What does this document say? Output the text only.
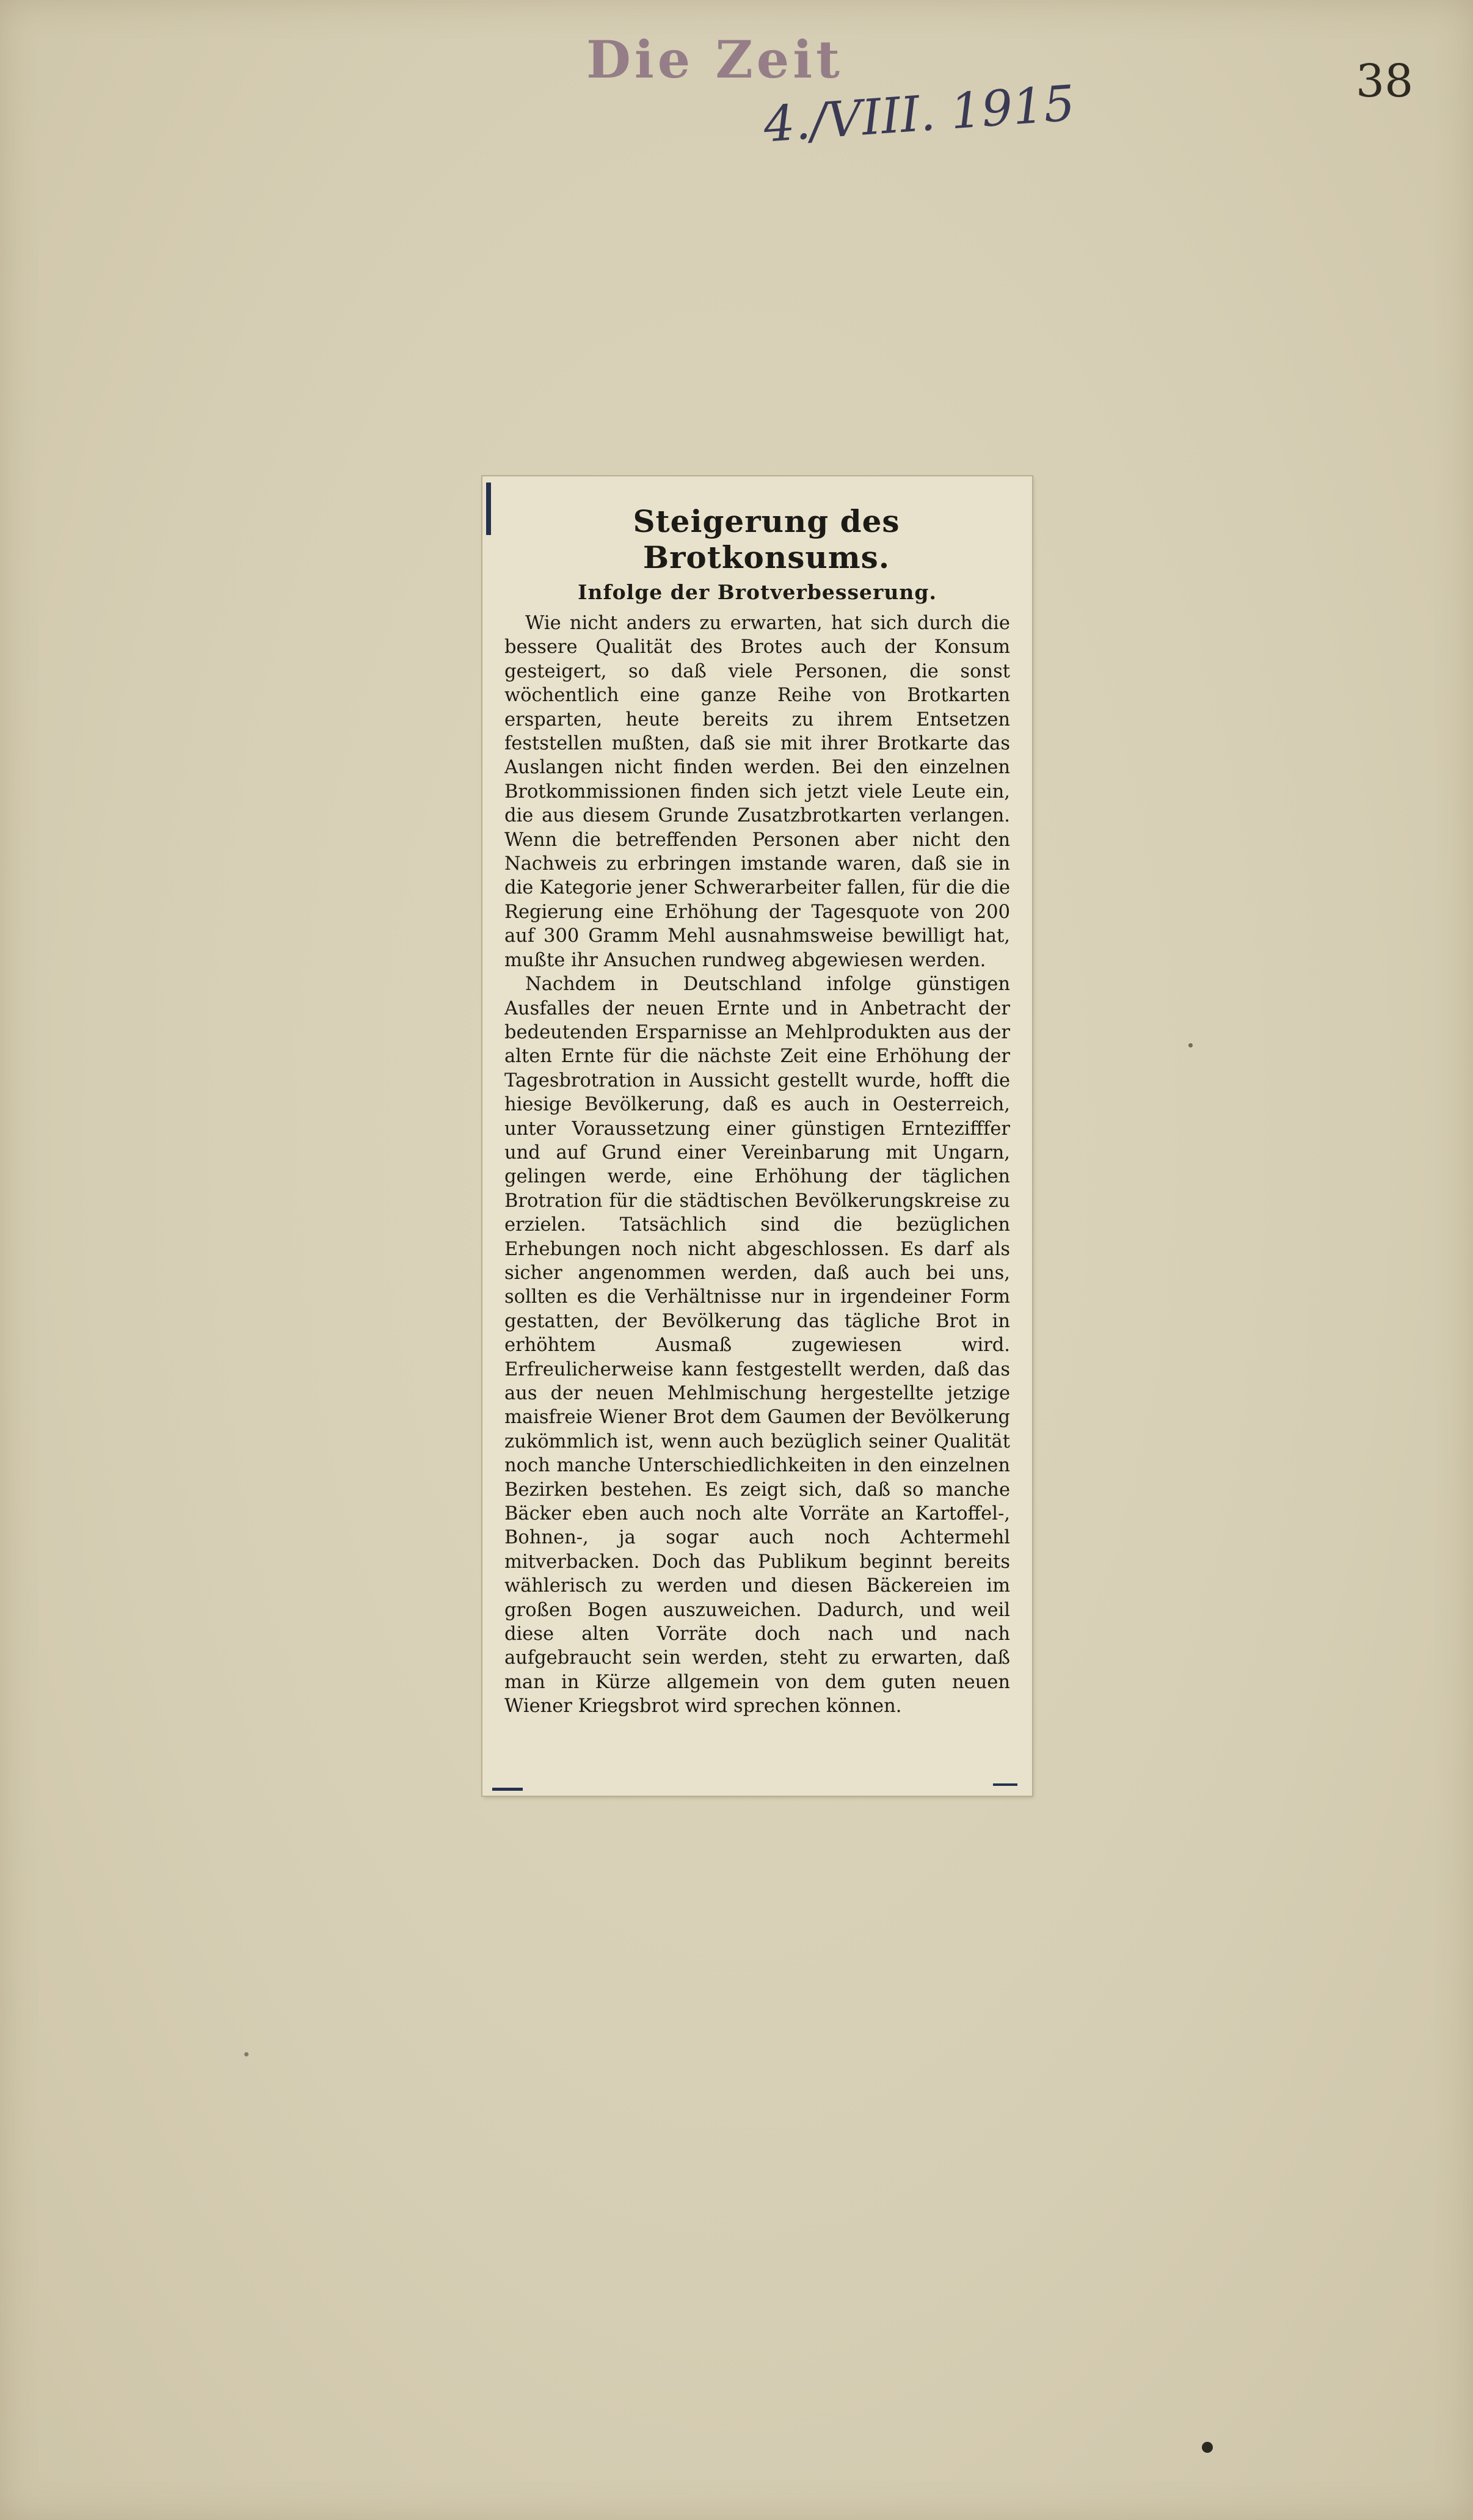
Die Zeit
4./VIII. 1915	38
Steigerung des Brotkonsums.
Infolge der Brotverbesserung.

Wie nicht anders zu erwarten, hat sich durch die bessere Qualität des Brotes auch der Konsum gesteigert, so daß viele Personen, die sonst wöchentlich eine ganze Reihe von Brotkarten ersparten, heute bereits zu ihrem Entsetzen feststellen mußten, daß sie mit ihrer Brotkarte das Auslangen nicht finden werden. Bei den einzelnen Brotkommissionen finden sich jetzt viele Leute ein, die aus diesem Grunde Zusatzbrotkarten verlangen. Wenn die betreffenden Personen aber nicht den Nachweis zu erbringen imstande waren, daß sie in die Kategorie jener Schwerarbeiter fallen, für die die Regierung eine Erhöhung der Tagesquote von 200 auf 300 Gramm Mehl ausnahmsweise bewilligt hat, mußte ihr Ansuchen rundweg abgewiesen werden.

Nachdem in Deutschland infolge günstigen Ausfalles der neuen Ernte und in Anbetracht der bedeutenden Ersparnisse an Mehlprodukten aus der alten Ernte für die nächste Zeit eine Erhöhung der Tagesbrotration in Aussicht gestellt wurde, hofft die hiesige Bevölkerung, daß es auch in Oesterreich, unter Voraussetzung einer günstigen Erntezifffer und auf Grund einer Vereinbarung mit Ungarn, gelingen werde, eine Erhöhung der täglichen Brotration für die städtischen Bevölkerungskreise zu erzielen. Tatsächlich sind die bezüglichen Erhebungen noch nicht abgeschlossen. Es darf als sicher angenommen werden, daß auch bei uns, sollten es die Verhältnisse nur in irgendeiner Form gestatten, der Bevölkerung das tägliche Brot in erhöhtem Ausmaß zugewiesen wird. Erfreulicherweise kann festgestellt werden, daß das aus der neuen Mehlmischung hergestellte jetzige maisfreie Wiener Brot dem Gaumen der Bevölkerung zukömmlich ist, wenn auch bezüglich seiner Qualität noch manche Unterschiedlichkeiten in den einzelnen Bezirken bestehen. Es zeigt sich, daß so manche Bäcker eben auch noch alte Vorräte an Kartoffel-, Bohnen-, ja sogar auch noch Achtermehl mitverbacken. Doch das Publikum beginnt bereits wählerisch zu werden und diesen Bäckereien im großen Bogen auszuweichen. Dadurch, und weil diese alten Vorräte doch nach und nach aufgebraucht sein werden, steht zu erwarten, daß man in Kürze allgemein von dem guten neuen Wiener Kriegsbrot wird sprechen können.
